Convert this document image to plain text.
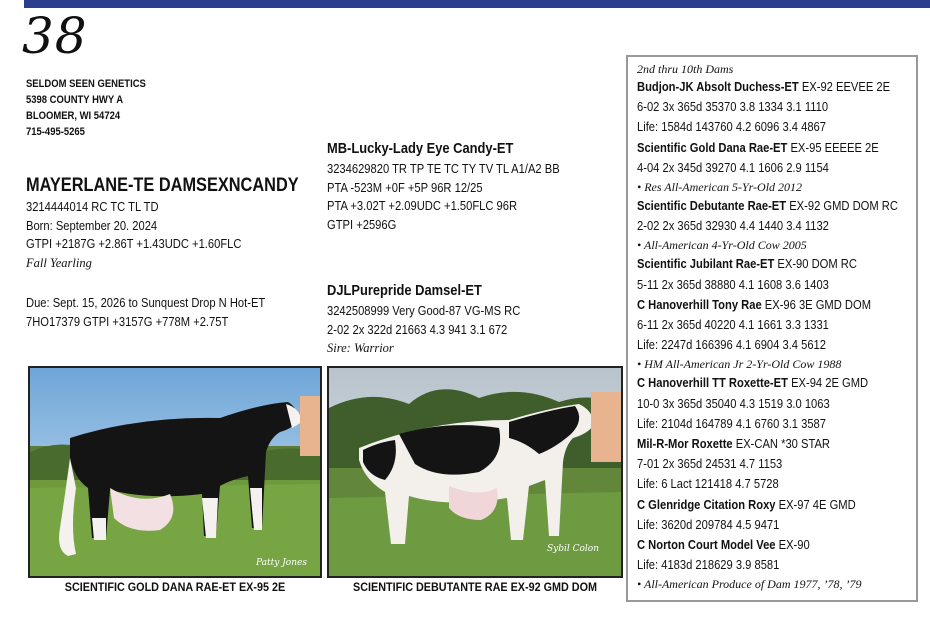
38
SELDOM SEEN GENETICS
5398 COUNTY HWY A
BLOOMER, WI 54724
715-495-5265
MAYERLANE-TE DAMSEXNCANDY
3214444014 RC TC TL TD
Born: September 20. 2024
GTPI +2187G +2.86T +1.43UDC +1.60FLC
Fall Yearling
Due: Sept. 15, 2026 to Sunquest Drop N Hot-ET
7HO17379 GTPI +3157G +778M +2.75T
MB-Lucky-Lady Eye Candy-ET
3234629820 TR TP TE TC TY TV TL A1/A2 BB
PTA -523M +0F +5P 96R 12/25
PTA +3.02T +2.09UDC +1.50FLC 96R
GTPI +2596G
DJLPurepride Damsel-ET
3242508999 Very Good-87 VG-MS RC
2-02 2x 322d 21663 4.3 941 3.1 672
Sire: Warrior
Patty Jones
Sybil Colon
SCIENTIFIC GOLD DANA RAE-ET EX-95 2E	SCIENTIFIC DEBUTANTE RAE EX-92 GMD DOM
2nd thru 10th Dams
Budjon-JK Absolt Duchess-ET EX-92 EEVEE 2E
6-02 3x 365d 35370 3.8 1334 3.1 1110
Life: 1584d 143760 4.2 6096 3.4 4867
Scientific Gold Dana Rae-ET EX-95 EEEEE 2E
4-04 2x 345d 39270 4.1 1606 2.9 1154
• Res All-American 5-Yr-Old 2012
Scientific Debutante Rae-ET EX-92 GMD DOM RC
2-02 2x 365d 32930 4.4 1440 3.4 1132
• All-American 4-Yr-Old Cow 2005
Scientific Jubilant Rae-ET EX-90 DOM RC
5-11 2x 365d 38880 4.1 1608 3.6 1403
C Hanoverhill Tony Rae EX-96 3E GMD DOM
6-11 2x 365d 40220 4.1 1661 3.3 1331
Life: 2247d 166396 4.1 6904 3.4 5612
• HM All-American Jr 2-Yr-Old Cow 1988
C Hanoverhill TT Roxette-ET EX-94 2E GMD
10-0 3x 365d 35040 4.3 1519 3.0 1063
Life: 2104d 164789 4.1 6760 3.1 3587
Mil-R-Mor Roxette EX-CAN *30 STAR
7-01 2x 365d 24531 4.7 1153
Life: 6 Lact 121418 4.7 5728
C Glenridge Citation Roxy EX-97 4E GMD
Life: 3620d 209784 4.5 9471
C Norton Court Model Vee EX-90
Life: 4183d 218629 3.9 8581
• All-American Produce of Dam 1977, ’78, ’79
